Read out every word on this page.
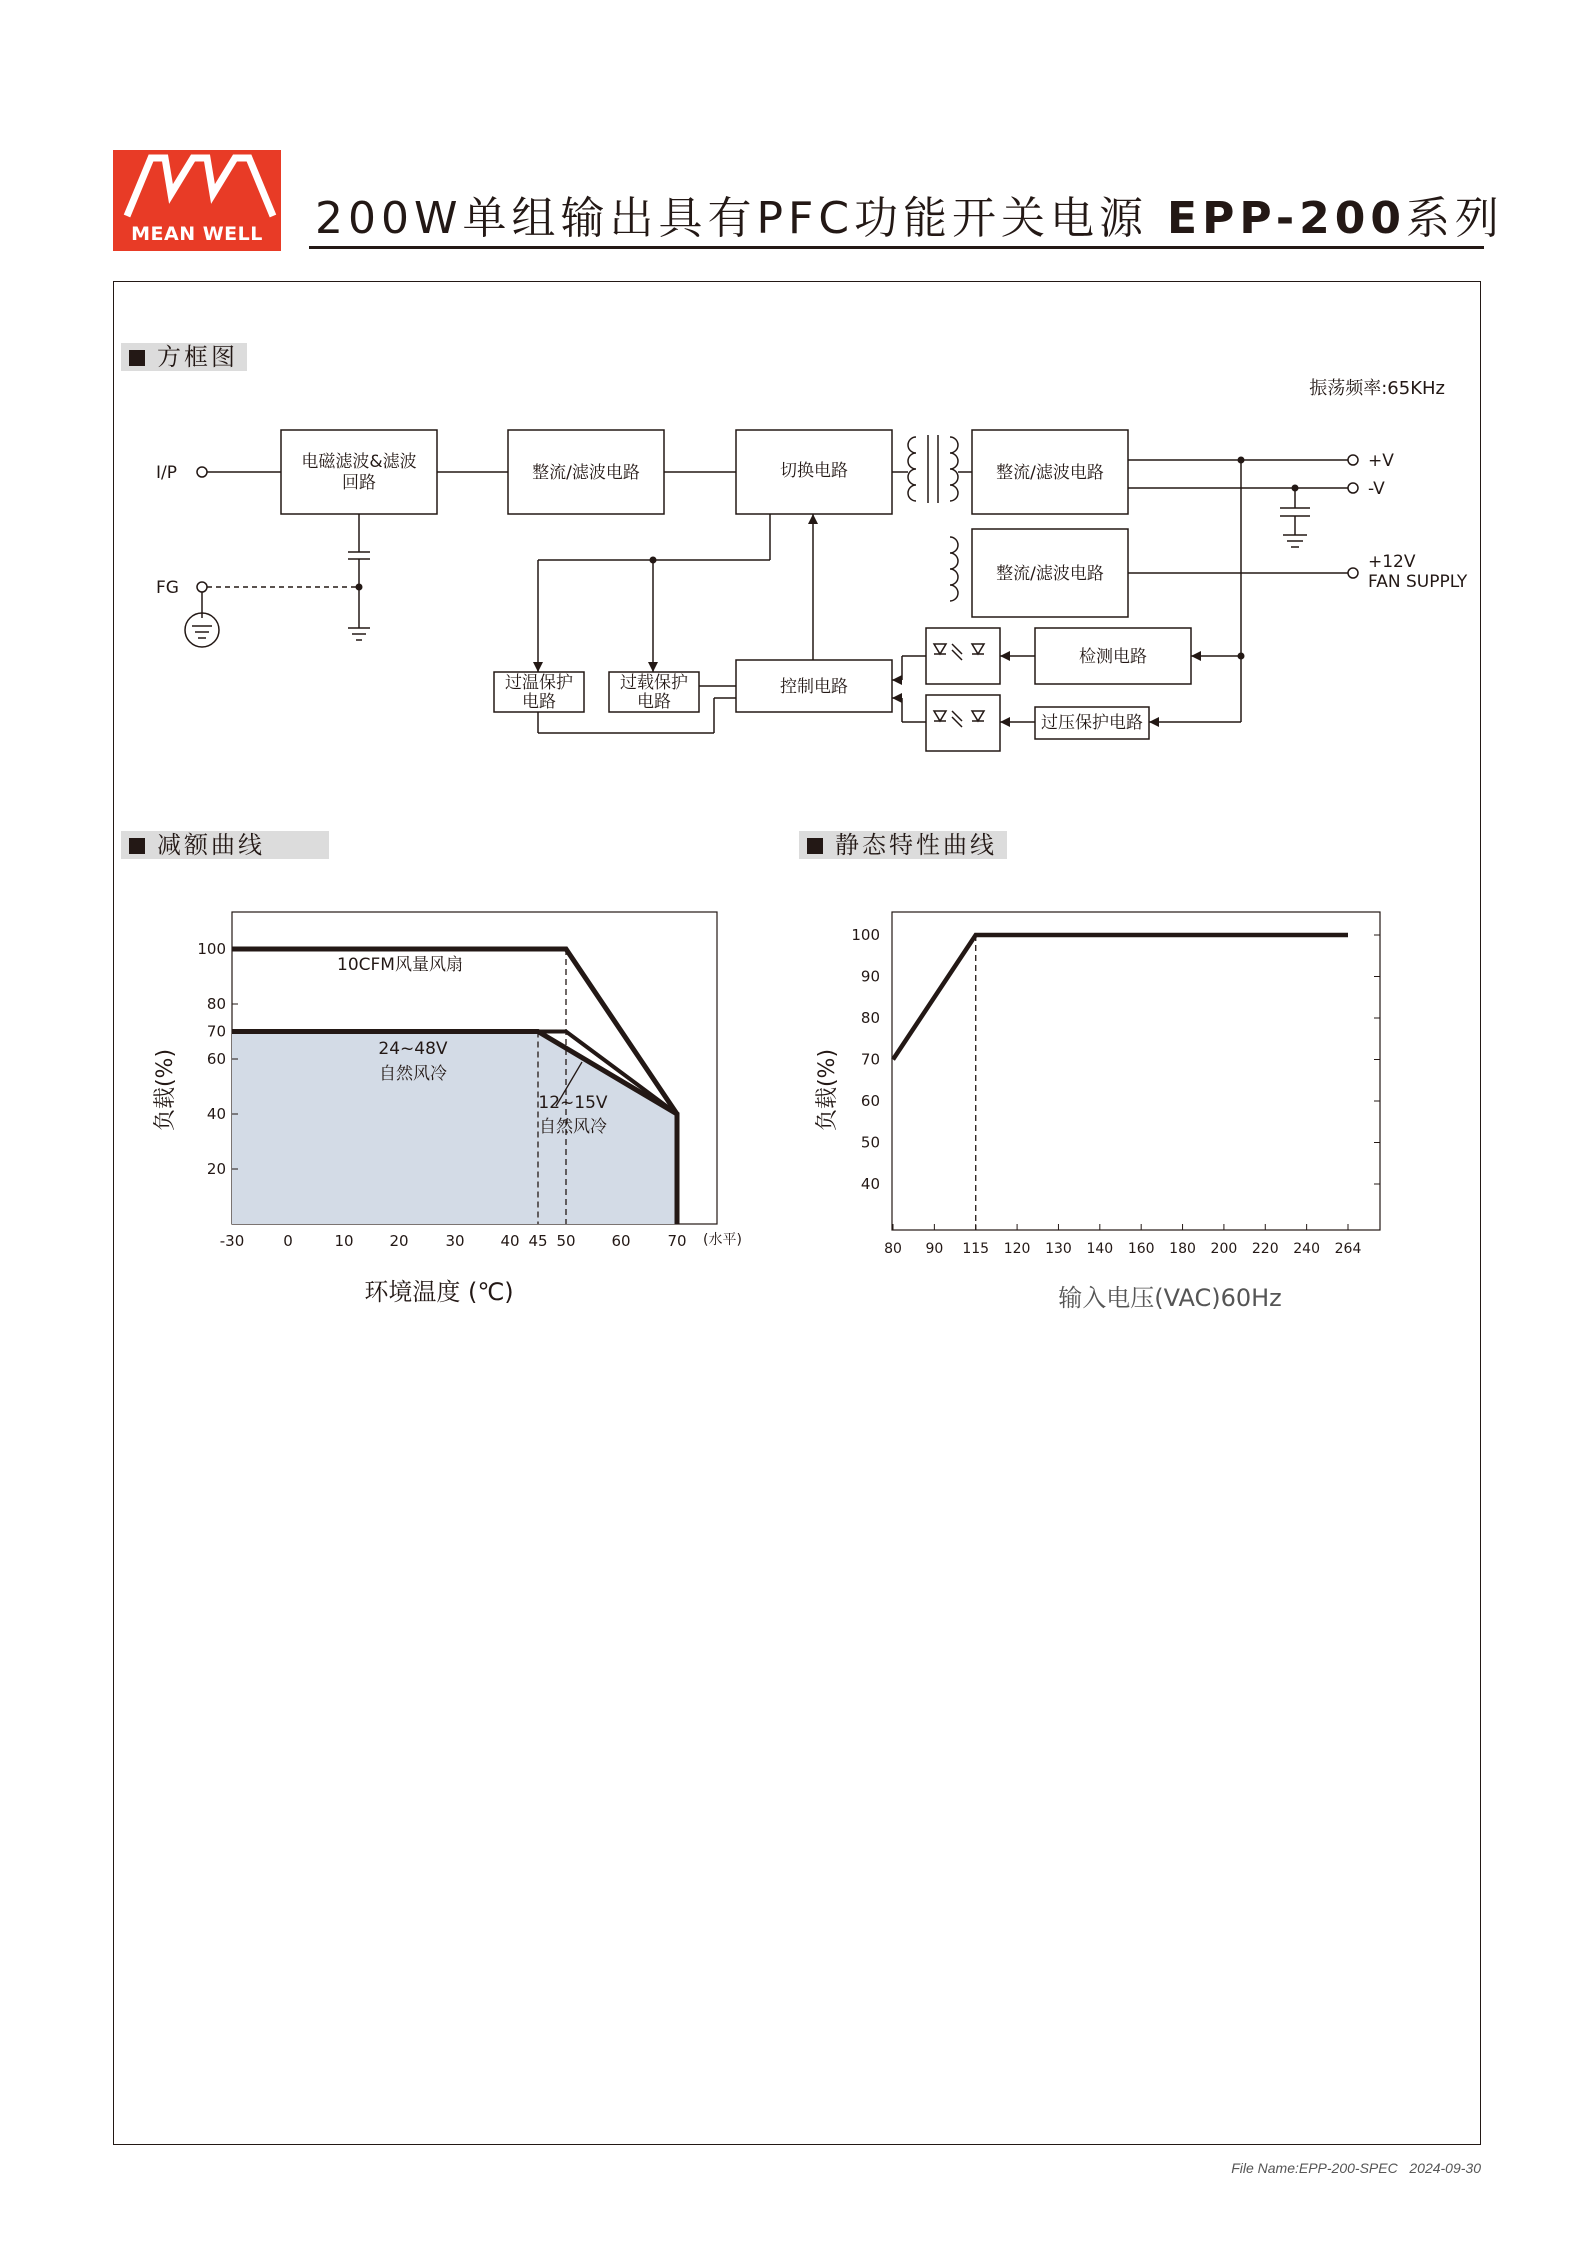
MEAN WELL	200W单组输出具有PFC功能开关电源 EPP-200系列
方框图
减额曲线	静态特性曲线
电磁滤波&滤波
回路	整流/滤波电路	切换电路	整流/滤波电路
整流/滤波电路
检测电路
过压保护电路
过温保护
电路
过载保护
电路
控制电路
I/P
FG
+V
-V
+12V
FAN SUPPLY
振荡频率:65KHz
10CFM风量风扇
24~48V
自然风冷
12~15V
自然风冷
20
40
60
70
80
100
-30	0	10 20 30 40 45 50 60 70 (水平)
环境温度 (℃)
负载(%)
40
50
60
70
80
90
100
80 90 115 120 130 140 160 180 200 220 240 264
输入电压(VAC)60Hz
负载(%)
File Name:EPP-200-SPEC   2024-09-30
